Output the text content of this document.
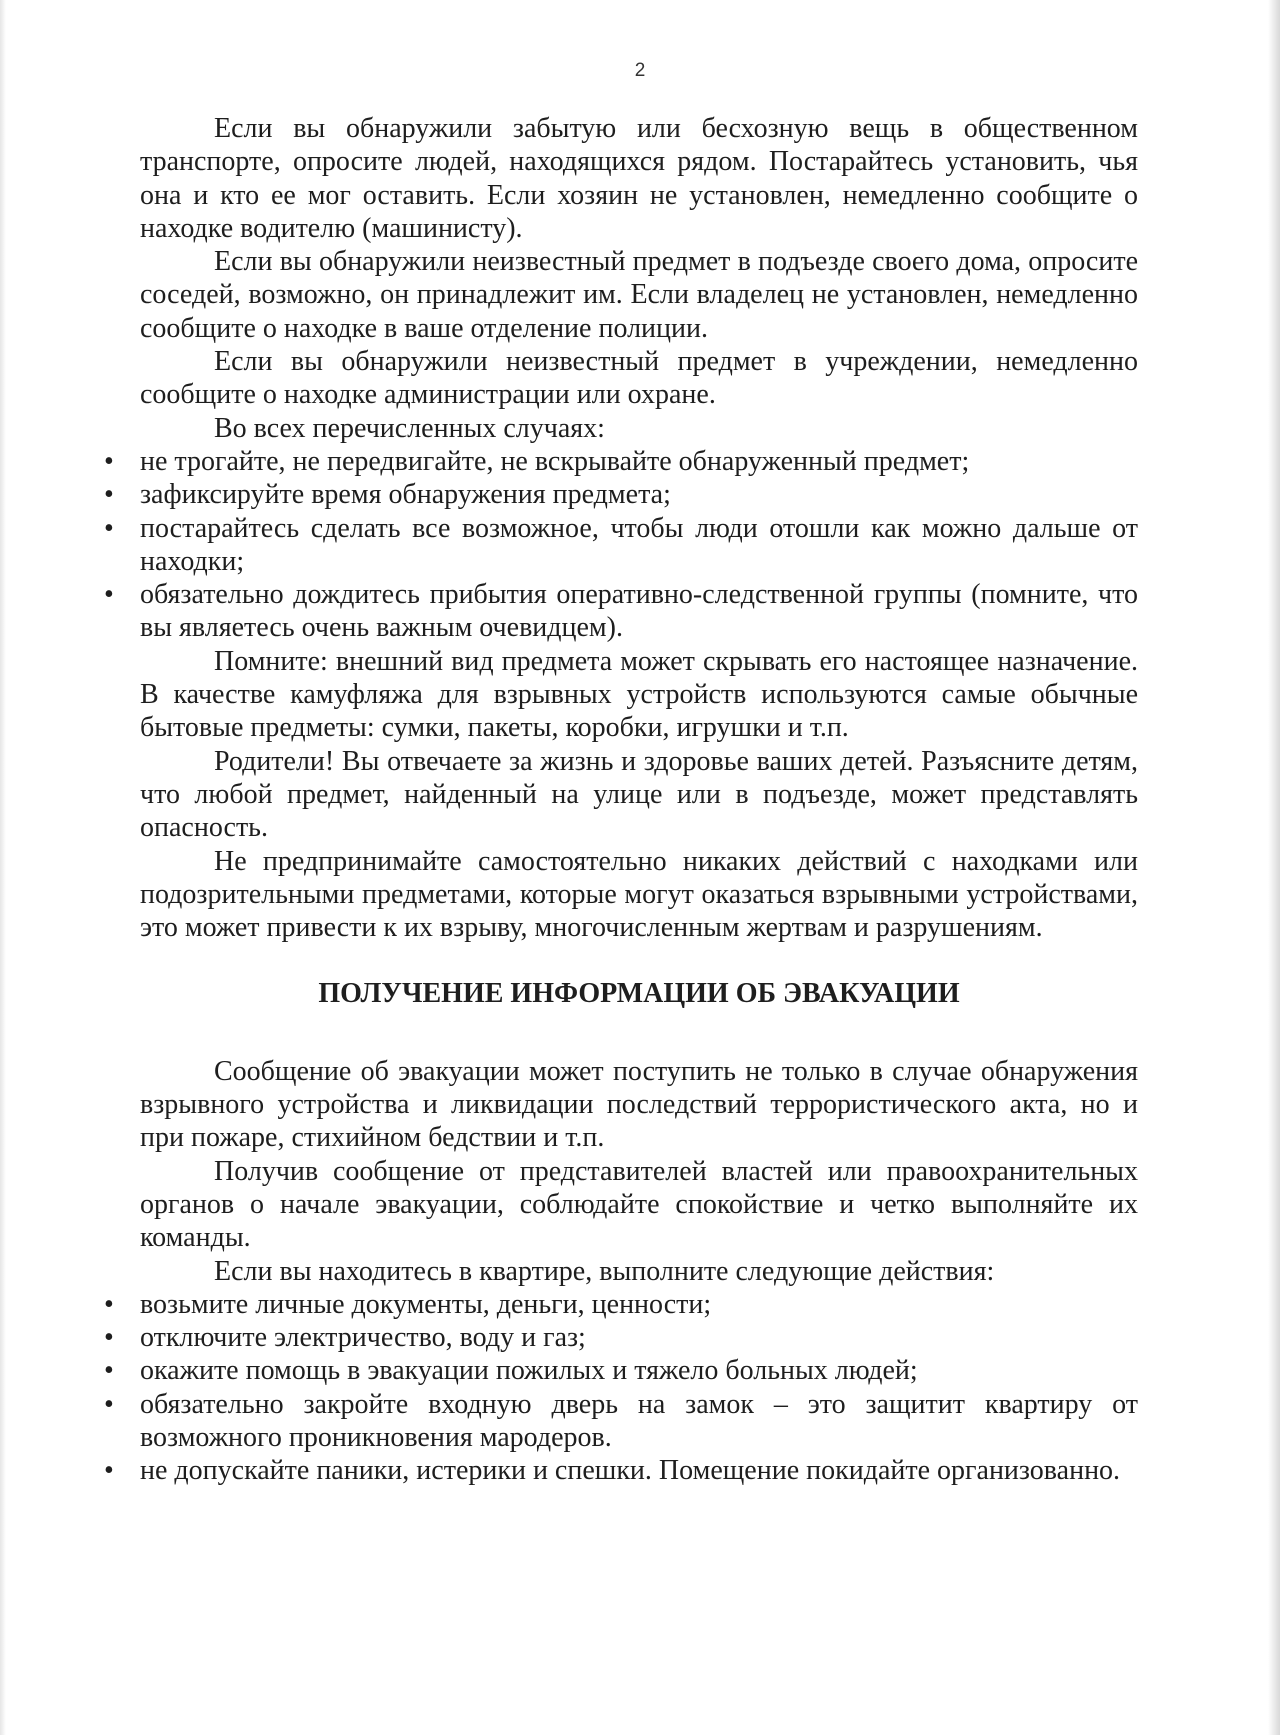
2

Если вы обнаружили забытую или бесхозную вещь в общественном транспорте, опросите людей, находящихся рядом. Постарайтесь установить, чья она и кто ее мог оставить. Если хозяин не установлен, немедленно сообщите о находке водителю (машинисту).

Если вы обнаружили неизвестный предмет в подъезде своего дома, опросите соседей, возможно, он принадлежит им. Если владелец не установлен, немедленно сообщите о находке в ваше отделение полиции.

Если вы обнаружили неизвестный предмет в учреждении, немедленно сообщите о находке администрации или охране.

Во всех перечисленных случаях:

• не трогайте, не передвигайте, не вскрывайте обнаруженный предмет;
• зафиксируйте время обнаружения предмета;
• постарайтесь сделать все возможное, чтобы люди отошли как можно дальше от находки;
• обязательно дождитесь прибытия оперативно-следственной группы (помните, что вы являетесь очень важным очевидцем).

Помните: внешний вид предмета может скрывать его настоящее назначение. В качестве камуфляжа для взрывных устройств используются самые обычные бытовые предметы: сумки, пакеты, коробки, игрушки и т.п.

Родители! Вы отвечаете за жизнь и здоровье ваших детей. Разъясните детям, что любой предмет, найденный на улице или в подъезде, может представлять опасность.

Не предпринимайте самостоятельно никаких действий с находками или подозрительными предметами, которые могут оказаться взрывными устройствами, это может привести к их взрыву, многочисленным жертвам и разрушениям.

ПОЛУЧЕНИЕ ИНФОРМАЦИИ ОБ ЭВАКУАЦИИ

Сообщение об эвакуации может поступить не только в случае обнаружения взрывного устройства и ликвидации последствий террористического акта, но и при пожаре, стихийном бедствии и т.п.

Получив сообщение от представителей властей или правоохранительных органов о начале эвакуации, соблюдайте спокойствие и четко выполняйте их команды.

Если вы находитесь в квартире, выполните следующие действия:

• возьмите личные документы, деньги, ценности;
• отключите электричество, воду и газ;
• окажите помощь в эвакуации пожилых и тяжело больных людей;
• обязательно закройте входную дверь на замок – это защитит квартиру от возможного проникновения мародеров.
• не допускайте паники, истерики и спешки. Помещение покидайте организованно.
